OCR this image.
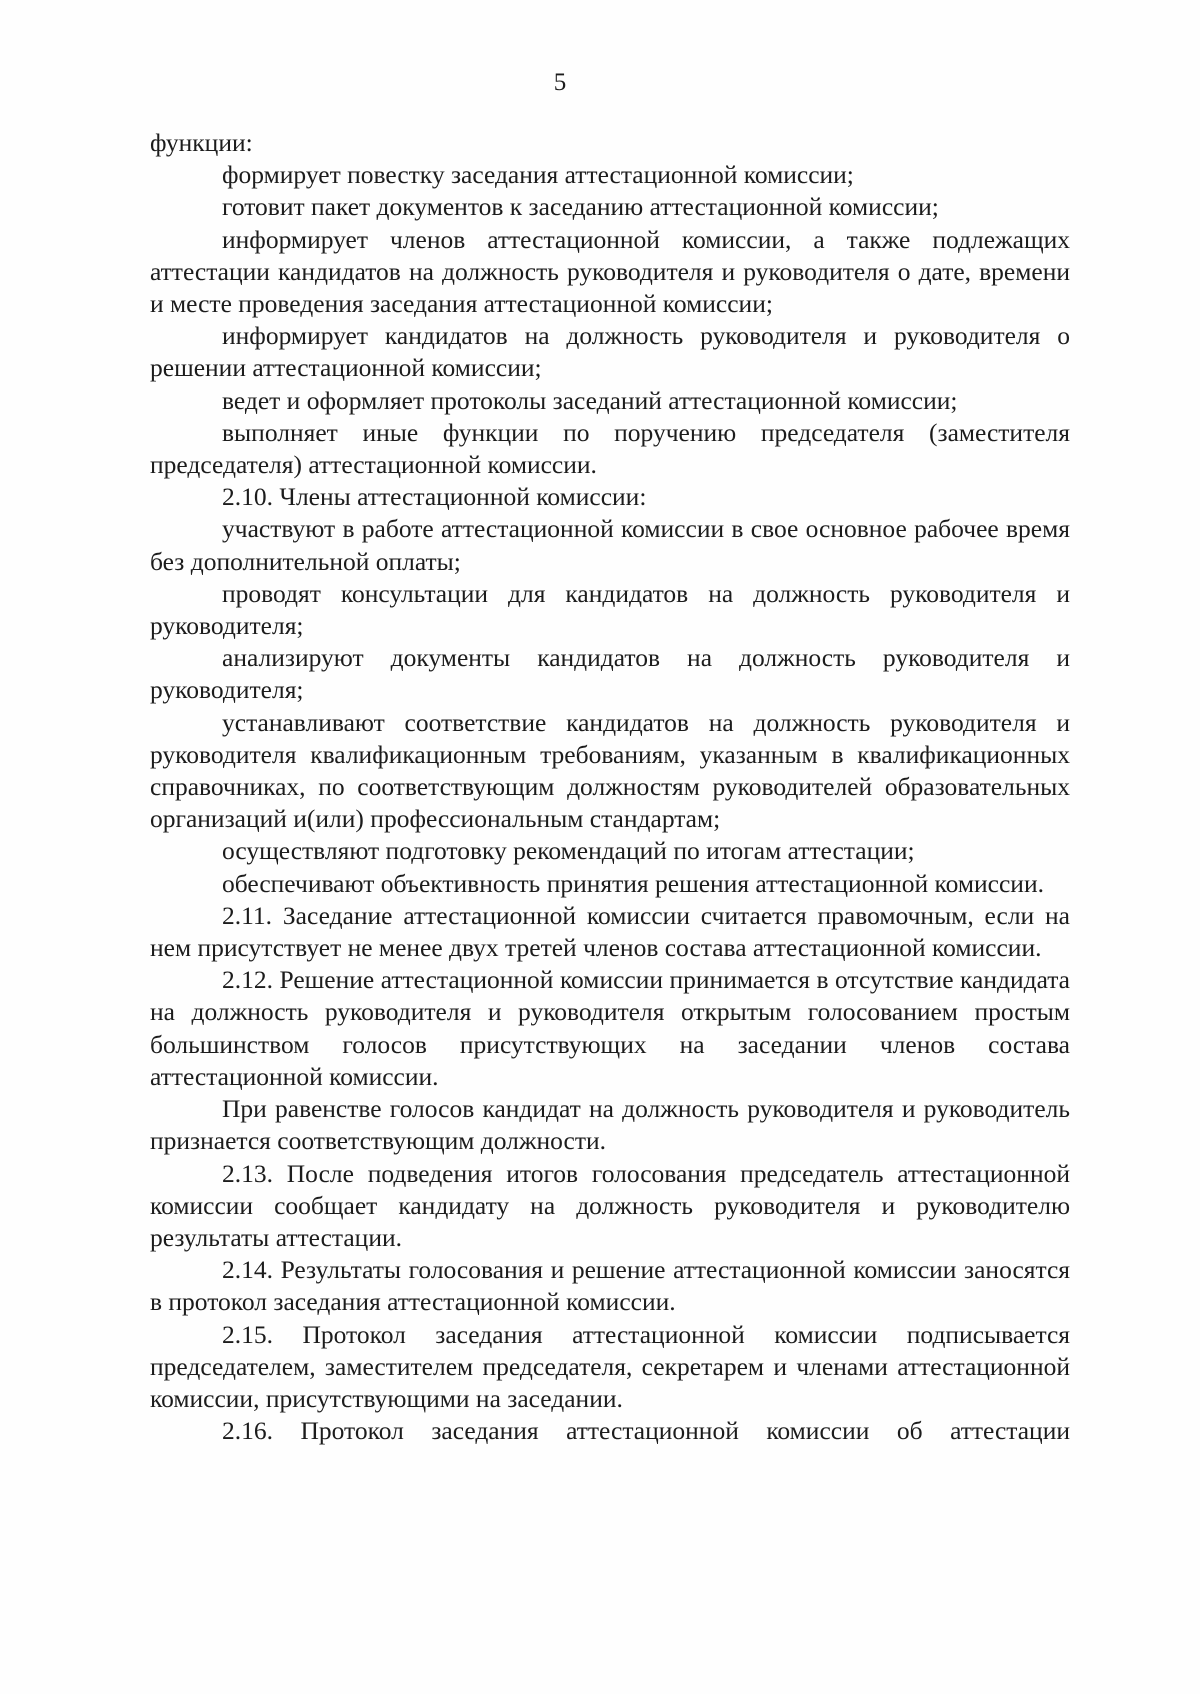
5

функции:

формирует повестку заседания аттестационной комиссии;

готовит пакет документов к заседанию аттестационной комиссии;

информирует членов аттестационной комиссии, а также подлежащих аттестации кандидатов на должность руководителя и руководителя о дате, времени и месте проведения заседания аттестационной комиссии;

информирует кандидатов на должность руководителя и руководителя о решении аттестационной комиссии;

ведет и оформляет протоколы заседаний аттестационной комиссии;

выполняет иные функции по поручению председателя (заместителя председателя) аттестационной комиссии.

2.10. Члены аттестационной комиссии:

участвуют в работе аттестационной комиссии в свое основное рабочее время без дополнительной оплаты;

проводят консультации для кандидатов на должность руководителя и руководителя;

анализируют документы кандидатов на должность руководителя и руководителя;

устанавливают соответствие кандидатов на должность руководителя и руководителя квалификационным требованиям, указанным в квалификационных справочниках, по соответствующим должностям руководителей образовательных организаций и(или) профессиональным стандартам;

осуществляют подготовку рекомендаций по итогам аттестации;

обеспечивают объективность принятия решения аттестационной комиссии.

2.11. Заседание аттестационной комиссии считается правомочным, если на нем присутствует не менее двух третей членов состава аттестационной комиссии.

2.12. Решение аттестационной комиссии принимается в отсутствие кандидата на должность руководителя и руководителя открытым голосованием простым большинством голосов присутствующих на заседании членов состава аттестационной комиссии.

При равенстве голосов кандидат на должность руководителя и руководитель признается соответствующим должности.

2.13. После подведения итогов голосования председатель аттестационной комиссии сообщает кандидату на должность руководителя и руководителю результаты аттестации.

2.14. Результаты голосования и решение аттестационной комиссии заносятся в протокол заседания аттестационной комиссии.

2.15. Протокол заседания аттестационной комиссии подписывается председателем, заместителем председателя, секретарем и членами аттестационной комиссии, присутствующими на заседании.

2.16. Протокол заседания аттестационной комиссии об аттестации
